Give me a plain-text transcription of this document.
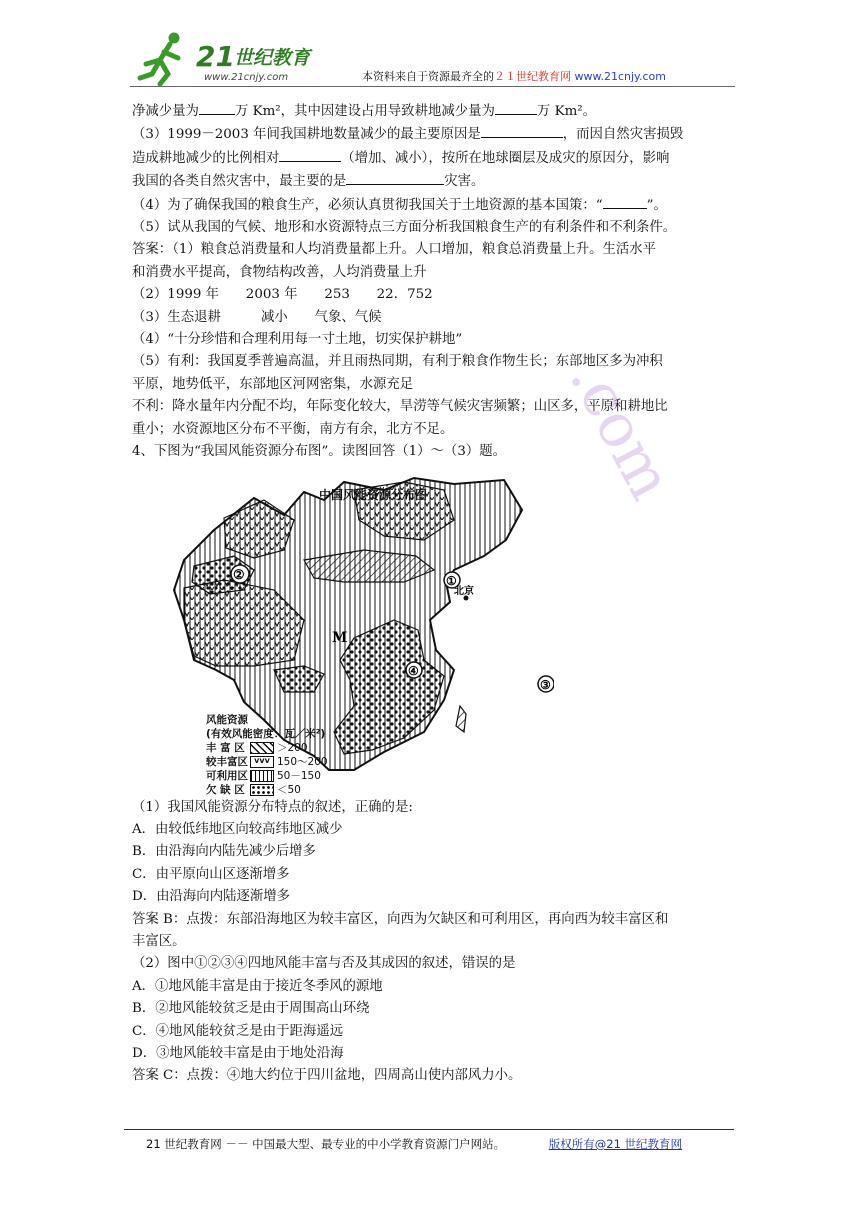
21 世纪教育
www.21cnjy.com	本资料来自于资源最齐全的２１世纪教育网 www.21cnjy.com
.com

净减少量为	万 Km²，其中因建设占用导致耕地减少量为	万 Km²。

（3）1999－2003 年间我国耕地数量减少的最主要原因是	，而因自然灾害损毁

造成耕地减少的比例相对	（增加、减小），按所在地球圈层及成灾的原因分，影响

我国的各类自然灾害中，最主要的是	灾害。

（4）为了确保我国的粮食生产，必须认真贯彻我国关于土地资源的基本国策：“	”。

（5）试从我国的气候、地形和水资源特点三方面分析我国粮食生产的有利条件和不利条件。

答案：（1）粮食总消费量和人均消费量都上升。人口增加，粮食总消费量上升。生活水平

和消费水平提高，食物结构改善，人均消费量上升

（2）1999 年　　2003 年　　253　　22．752

（3）生态退耕　　　减小　　气象、气候

（4）“十分珍惜和合理利用每一寸土地，切实保护耕地”

（5）有利：我国夏季普遍高温，并且雨热同期，有利于粮食作物生长；东部地区多为冲积

平原，地势低平，东部地区河网密集，水源充足

不利：降水量年内分配不均，年际变化较大，旱涝等气候灾害频繁；山区多，平原和耕地比

重小；水资源地区分布不平衡，南方有余，北方不足。

4、下图为“我国风能资源分布图”。读图回答（1）～（3）题。

①
②
③
④
M
北京
中国风能资源分布图
风能资源
(有效风能密度：瓦／米²)
丰 富 区	＞200
较丰富区 vvv 150～200
可利用区	50－150
欠 缺 区	＜50

（1）我国风能资源分布特点的叙述，正确的是:

A．由较低纬地区向较高纬地区减少

B．由沿海向内陆先减少后增多

C．由平原向山区逐渐增多

D．由沿海向内陆逐渐增多

答案 B：点拨：东部沿海地区为较丰富区，向西为欠缺区和可利用区，再向西为较丰富区和

丰富区。

（2）图中①②③④四地风能丰富与否及其成因的叙述，错误的是

A．①地风能丰富是由于接近冬季风的源地

B．②地风能较贫乏是由于周围高山环绕

C．④地风能较贫乏是由于距海遥远

D．③地风能较丰富是由于地处沿海

答案 C：点拨：④地大约位于四川盆地，四周高山使内部风力小。

21 世纪教育网 －－ 中国最大型、最专业的中小学教育资源门户网站。	版权所有@21 世纪教育网
